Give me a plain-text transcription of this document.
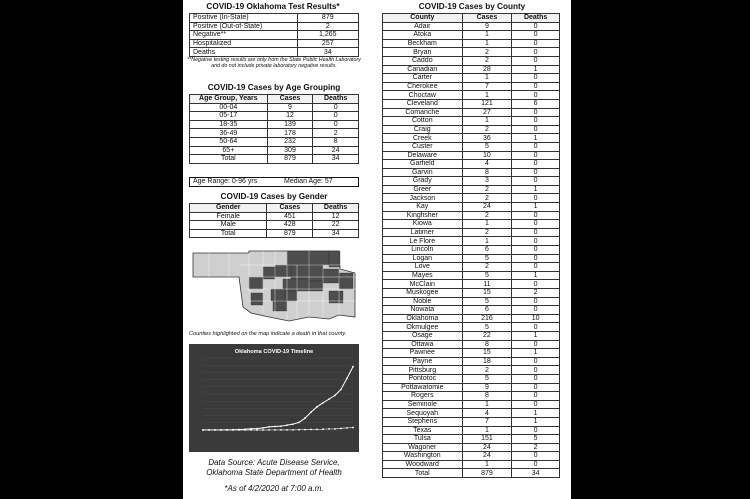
COVID-19 Oklahoma Test Results*
Positive (In-State)	879
Positive (Out-of-State)	2
Negative**	1,265
Hospitalized	257
Deaths	34
**Negative testing results are only from the State Public Health Laboratory and do not include private laboratory negative results.
COVID-19 Cases by Age Grouping
Age Group, Years	Cases	Deaths
00-04	9	0
05-17	12	0
18-35	139	0
36-49	178	2
50-64	232	8
65+	309	24
Total	879	34
Age Range: 0-96 yrs	Median Age: 57
COVID-19 Cases by Gender
Gender	Cases	Deaths
Female	451	12
Male	428	22
Total	879	34
Counties highlighted on the map indicate a death in that county.
Oklahoma COVID-19 Timeline
Data Source: Acute Disease Service,
Oklahoma State Department of Health
*As of 4/2/2020 at 7:00 a.m.
COVID-19 Cases by County
County	Cases	Deaths
Adair	9	0
Atoka	1	0
Beckham	1	0
Bryan	2	0
Caddo	2	0
Canadian	28	1
Carter	1	0
Cherokee	7	0
Choctaw	1	0
Cleveland	121	6
Comanche	27	0
Cotton	1	0
Craig	2	0
Creek	36	1
Custer	5	0
Delaware	10	0
Garfield	4	0
Garvin	8	0
Grady	3	0
Greer	2	1
Jackson	2	0
Kay	24	1
Kingfisher	2	0
Kiowa	1	0
Latimer	2	0
Le Flore	1	0
Lincoln	6	0
Logan	5	0
Love	2	0
Mayes	5	1
McClain	11	0
Muskogee	15	2
Noble	5	0
Nowata	6	0
Oklahoma	216	10
Okmulgee	5	0
Osage	22	1
Ottawa	8	0
Pawnee	15	1
Payne	18	0
Pittsburg	2	0
Pontotoc	5	0
Pottawatomie	9	0
Rogers	8	0
Seminole	1	0
Sequoyah	4	1
Stephens	7	1
Texas	1	0
Tulsa	151	5
Wagoner	24	2
Washington	24	0
Woodward	1	0
Total	879	34
